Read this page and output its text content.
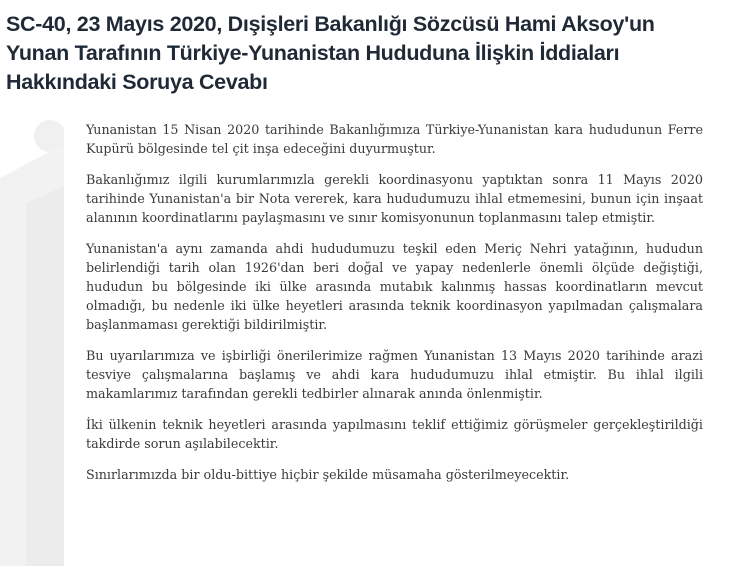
SC-40, 23 Mayıs 2020, Dışişleri Bakanlığı Sözcüsü Hami Aksoy'un Yunan Tarafının Türkiye-Yunanistan Hududuna İlişkin İddiaları Hakkındaki Soruya Cevabı

Yunanistan 15 Nisan 2020 tarihinde Bakanlığımıza Türkiye-Yunanistan kara hududunun Ferre Kupürü bölgesinde tel çit inşa edeceğini duyurmuştur.

Bakanlığımız ilgili kurumlarımızla gerekli koordinasyonu yaptıktan sonra 11 Mayıs 2020 tarihinde Yunanistan'a bir Nota vererek, kara hududumuzu ihlal etmemesini, bunun için inşaat alanının koordinatlarını paylaşmasını ve sınır komisyonunun toplanmasını talep etmiştir.

Yunanistan'a aynı zamanda ahdi hududumuzu teşkil eden Meriç Nehri yatağının, hududun belirlendiği tarih olan 1926'dan beri doğal ve yapay nedenlerle önemli ölçüde değiştiği, hududun bu bölgesinde iki ülke arasında mutabık kalınmış hassas koordinatların mevcut olmadığı, bu nedenle iki ülke heyetleri arasında teknik koordinasyon yapılmadan çalışmalara başlanmaması gerektiği bildirilmiştir.

Bu uyarılarımıza ve işbirliği önerilerimize rağmen Yunanistan 13 Mayıs 2020 tarihinde arazi tesviye çalışmalarına başlamış ve ahdi kara hududumuzu ihlal etmiştir. Bu ihlal ilgili makamlarımız tarafından gerekli tedbirler alınarak anında önlenmiştir.

İki ülkenin teknik heyetleri arasında yapılmasını teklif ettiğimiz görüşmeler gerçekleştirildiği takdirde sorun aşılabilecektir.

Sınırlarımızda bir oldu-bittiye hiçbir şekilde müsamaha gösterilmeyecektir.
